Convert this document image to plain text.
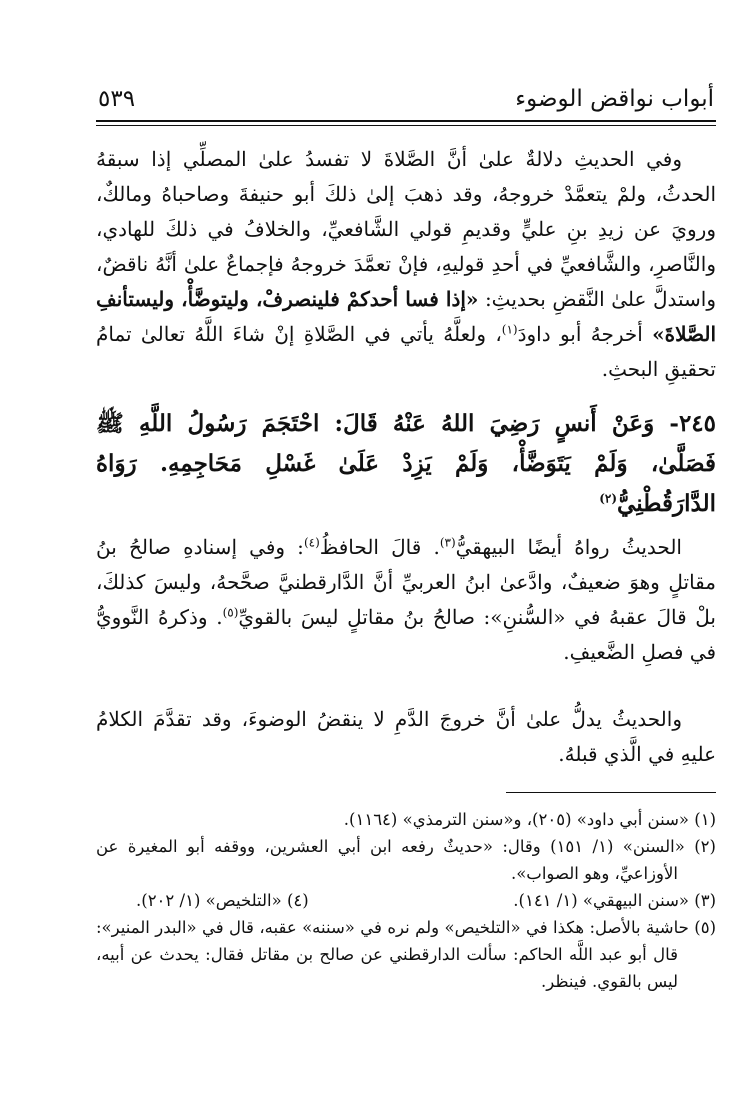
أبواب نواقض الوضوء
٥٣٩

وفي الحديثِ دلالةٌ علىٰ أنَّ الصَّلاةَ لا تفسدُ علىٰ المصلِّي إذا سبقهُ الحدثُ، ولمْ يتعمَّدْ خروجهُ، وقد ذهبَ إلىٰ ذلكَ أبو حنيفةَ وصاحباهُ ومالكٌ، ورويَ عن زيدِ بنِ عليٍّ وقديمِ قولي الشَّافعيِّ، والخلافُ في ذلكَ للهادي، والنَّاصرِ، والشَّافعيِّ في أحدِ قوليهِ، فإنْ تعمَّدَ خروجهُ فإجماعٌ علىٰ أنَّهُ ناقضٌ، واستدلَّ علىٰ النَّقضِ بحديثِ: «إذا فسا أحدكمْ فلينصرفْ، وليتوضَّأْ، وليستأنفِ الصَّلاةَ» أخرجهُ أبو داودَ$^{(١)}$، ولعلَّهُ يأتي في الصَّلاةِ إنْ شاءَ اللَّهُ تعالىٰ تمامُ تحقيقِ البحثِ.

٢٤٥- وَعَنْ أَنسٍ رَضِيَ اللهُ عَنْهُ قَالَ: احْتَجَمَ رَسُولُ اللَّهِ ﷺ فَصَلَّىٰ، وَلَمْ يَتَوَضَّأْ، وَلَمْ يَزِدْ عَلَىٰ غَسْلِ مَحَاجِمِهِ. رَوَاهُ الدَّارَقُطْنِيُّ$^{(٢)}$

الحديثُ رواهُ أيضًا البيهقيُّ$^{(٣)}$. قالَ الحافظُ$^{(٤)}$: وفي إسنادهِ صالحُ بنُ مقاتلٍ وهوَ ضعيفٌ، وادَّعىٰ ابنُ العربيِّ أنَّ الدَّارقطنيَّ صحَّحهُ، وليسَ كذلكَ، بلْ قالَ عقبهُ في «السُّننِ»: صالحُ بنُ مقاتلٍ ليسَ بالقويِّ$^{(٥)}$. وذكرهُ النَّوويُّ في فصلِ الضَّعيفِ.

والحديثُ يدلُّ علىٰ أنَّ خروجَ الدَّمِ لا ينقضُ الوضوءَ، وقد تقدَّمَ الكلامُ عليهِ في الَّذي قبلهُ.

(١) «سنن أبي داود» (٢٠٥)، و«سنن الترمذي» (١١٦٤).

(٢) «السنن» (١/ ١٥١) وقال: «حديثٌ رفعه ابن أبي العشرين، ووقفه أبو المغيرة عن الأوزاعيِّ، وهو الصواب».

(٣) «سنن البيهقي» (١/ ١٤١).
(٤) «التلخيص» (١/ ٢٠٢).

(٥) حاشية بالأصل: هكذا في «التلخيص» ولم نره في «سننه» عقبه، قال في «البدر المنير»: قال أبو عبد اللَّه الحاكم: سألت الدارقطني عن صالح بن مقاتل فقال: يحدث عن أبيه، ليس بالقوي. فينظر.
